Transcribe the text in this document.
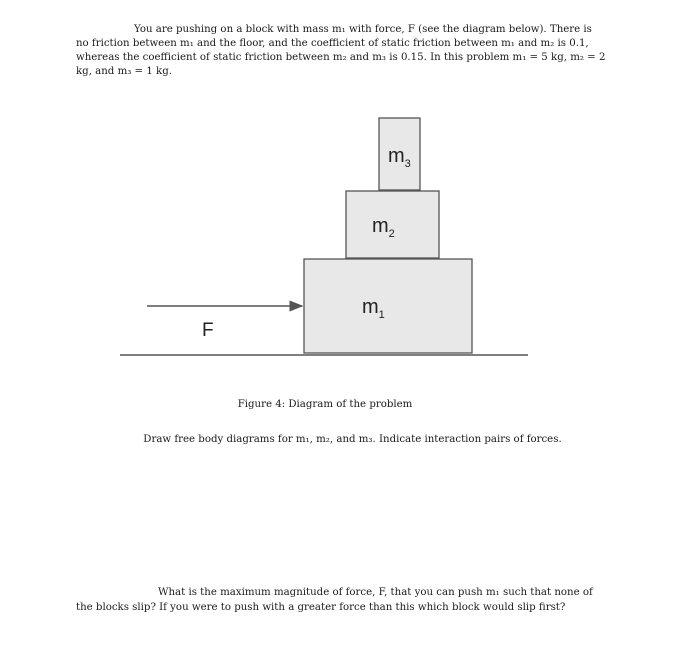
You are pushing on a block with mass m₁ with force, F (see the diagram below). There is
no friction between m₁ and the floor, and the coefficient of static friction between m₁ and m₂ is 0.1,
whereas the coefficient of static friction between m₂ and m₃ is 0.15. In this problem m₁ = 5 kg, m₂ = 2
kg, and m₃ = 1 kg.
F
$m_1$
$m_2$
$m_3$
Figure 4: Diagram of the problem
Draw free body diagrams for m₁, m₂, and m₃. Indicate interaction pairs of forces.
What is the maximum magnitude of force, F, that you can push m₁ such that none of
the blocks slip? If you were to push with a greater force than this which block would slip first?
